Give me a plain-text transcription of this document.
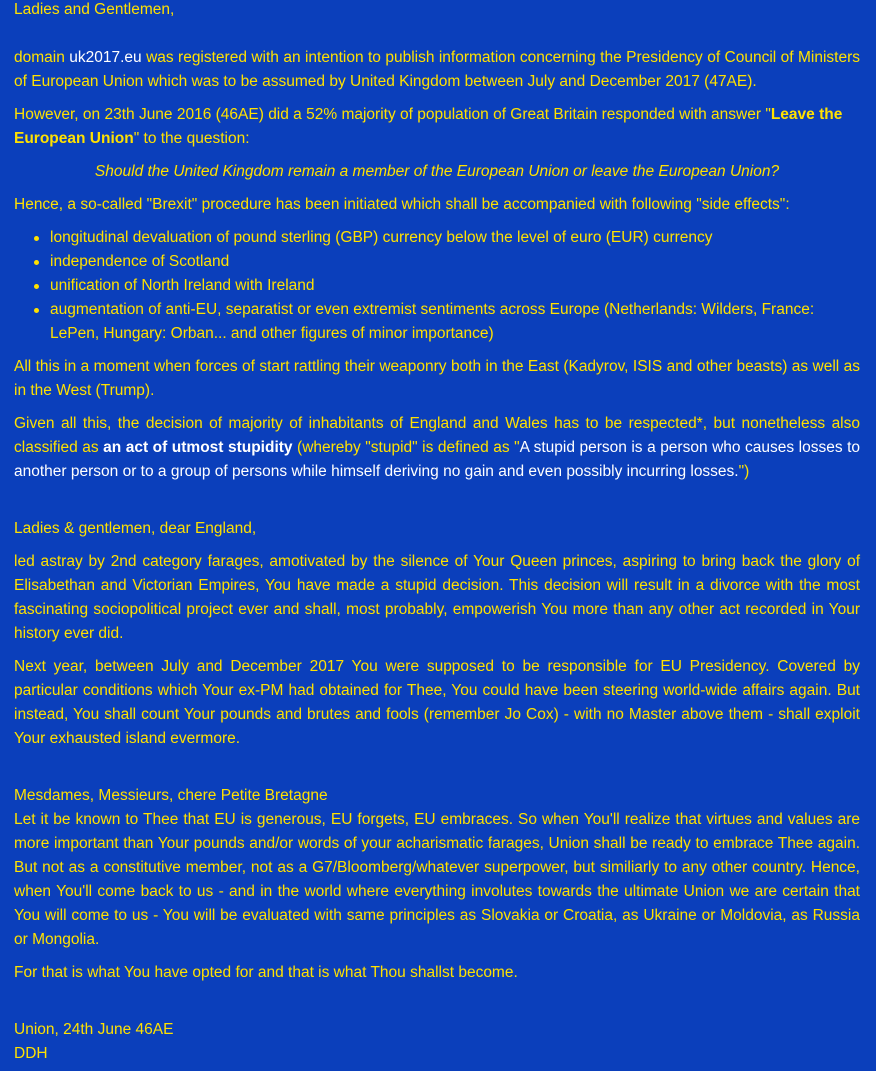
Ladies and Gentlemen,

domain uk2017.eu was registered with an intention to publish information concerning the Presidency of Council of Ministers of European Union which was to be assumed by United Kingdom between July and December 2017 (47AE).

However, on 23th June 2016 (46AE) did a 52% majority of population of Great Britain responded with answer "Leave the European Union" to the question:

Should the United Kingdom remain a member of the European Union or leave the European Union?

Hence, a so-called "Brexit" procedure has been initiated which shall be accompanied with following "side effects":

longitudinal devaluation of pound sterling (GBP) currency below the level of euro (EUR) currency
independence of Scotland
unification of North Ireland with Ireland
augmentation of anti-EU, separatist or even extremist sentiments across Europe (Netherlands: Wilders, France: LePen, Hungary: Orban... and other figures of minor importance)

All this in a moment when forces of start rattling their weaponry both in the East (Kadyrov, ISIS and other beasts) as well as in the West (Trump).

Given all this, the decision of majority of inhabitants of England and Wales has to be respected*, but nonetheless also classified as an act of utmost stupidity (whereby "stupid" is defined as "A stupid person is a person who causes losses to another person or to a group of persons while himself deriving no gain and even possibly incurring losses.")

Ladies & gentlemen, dear England,

led astray by 2nd category farages, amotivated by the silence of Your Queen princes, aspiring to bring back the glory of Elisabethan and Victorian Empires, You have made a stupid decision. This decision will result in a divorce with the most fascinating sociopolitical project ever and shall, most probably, empowerish You more than any other act recorded in Your history ever did.

Next year, between July and December 2017 You were supposed to be responsible for EU Presidency. Covered by particular conditions which Your ex-PM had obtained for Thee, You could have been steering world-wide affairs again. But instead, You shall count Your pounds and brutes and fools (remember Jo Cox) - with no Master above them - shall exploit Your exhausted island evermore.

Mesdames, Messieurs, chere Petite Bretagne

Let it be known to Thee that EU is generous, EU forgets, EU embraces. So when You'll realize that virtues and values are more important than Your pounds and/or words of your acharismatic farages, Union shall be ready to embrace Thee again. But not as a constitutive member, not as a G7/Bloomberg/whatever superpower, but similiarly to any other country. Hence, when You'll come back to us - and in the world where everything involutes towards the ultimate Union we are certain that You will come to us - You will be evaluated with same principles as Slovakia or Croatia, as Ukraine or Moldovia, as Russia or Mongolia.

For that is what You have opted for and that is what Thou shallst become.

Union, 24th June 46AE

DDH
